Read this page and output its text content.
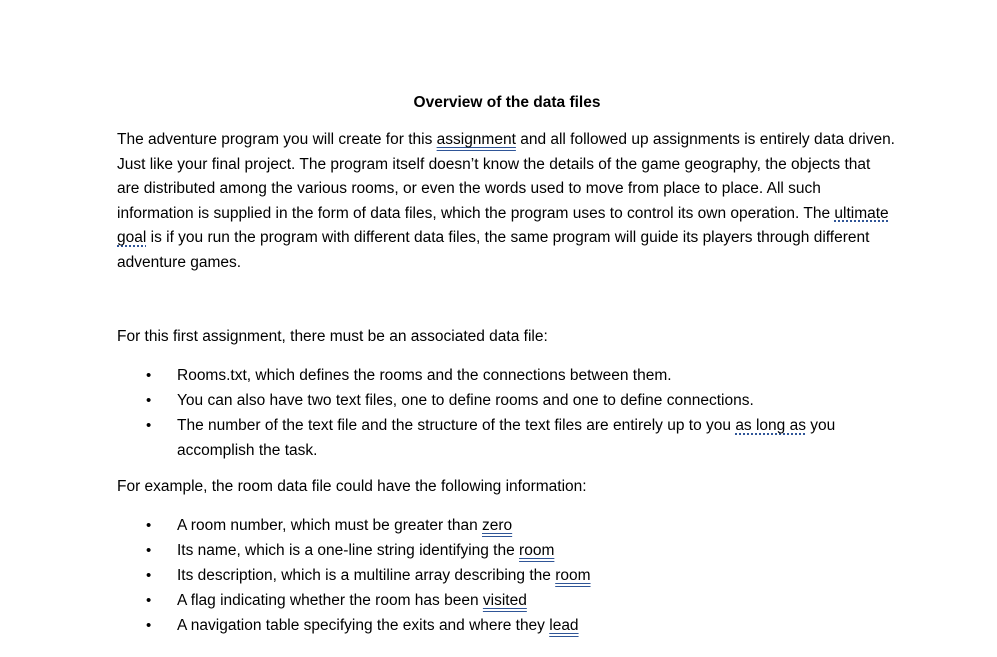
Overview of the data files

The adventure program you will create for this assignment and all followed up assignments is entirely data driven. Just like your final project. The program itself doesn’t know the details of the game geography, the objects that are distributed among the various rooms, or even the words used to move from place to place. All such information is supplied in the form of data files, which the program uses to control its own operation. The ultimate goal is if you run the program with different data files, the same program will guide its players through different adventure games.

For this first assignment, there must be an associated data file:

• Rooms.txt, which defines the rooms and the connections between them.
• You can also have two text files, one to define rooms and one to define connections.
• The number of the text file and the structure of the text files are entirely up to you as long as you accomplish the task.

For example, the room data file could have the following information:

• A room number, which must be greater than zero
• Its name, which is a one-line string identifying the room
• Its description, which is a multiline array describing the room
• A flag indicating whether the room has been visited
• A navigation table specifying the exits and where they lead
